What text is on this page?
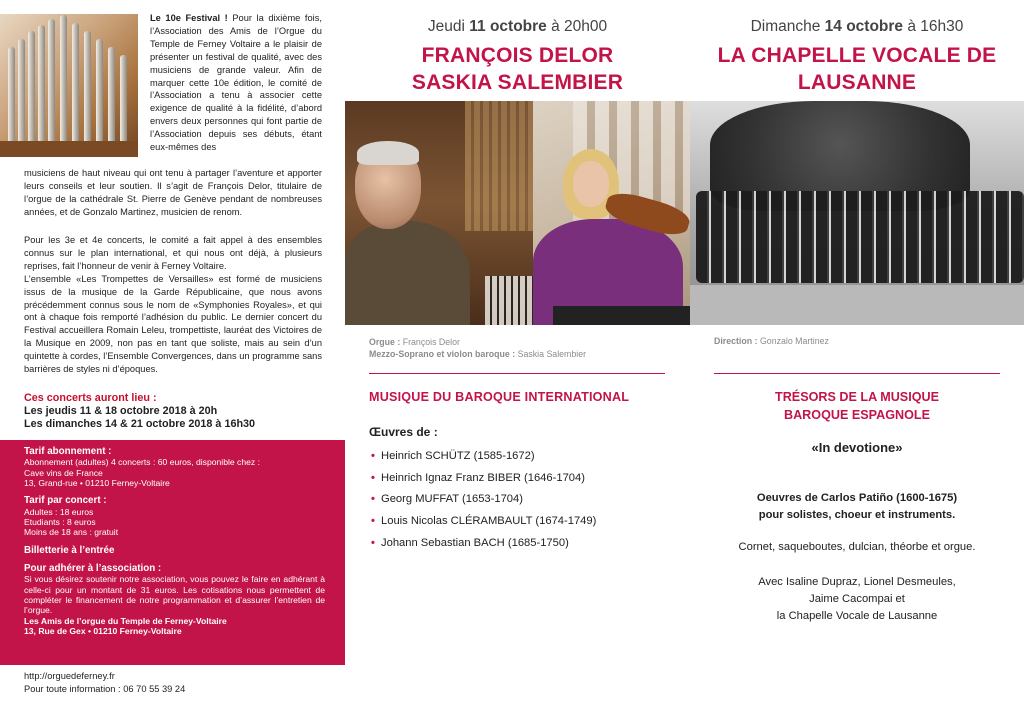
Le 10e Festival ! Pour la dixième fois, l’Association des Amis de l’Orgue du Temple de Ferney Voltaire a le plaisir de présenter un festival de qualité, avec des musiciens de grande valeur. Afin de marquer cette 10e édition, le comité de l’Association a tenu à associer cette exigence de qualité à la fidélité, d’abord envers deux personnes qui font partie de l’Association depuis ses débuts, étant eux-mêmes des

musiciens de haut niveau qui ont tenu à partager l’aventure et apporter leurs conseils et leur soutien. Il s’agit de François Delor, titulaire de l’orgue de la cathédrale St. Pierre de Genève pendant de nombreuses années, et de Gonzalo Martinez, musicien de renom.

Pour les 3e et 4e concerts, le comité a fait appel à des ensembles connus sur le plan international, et qui nous ont déjà, à plusieurs reprises, fait l’honneur de venir à Ferney Voltaire.

L’ensemble «Les Trompettes de Versailles» est formé de musiciens issus de la musique de la Garde Républicaine, que nous avons précédemment connus sous le nom de «Symphonies Royales», et qui ont à chaque fois remporté l’adhésion du public. Le dernier concert du Festival accueillera Romain Leleu, trompettiste, lauréat des Victoires de la Musique en 2009, non pas en tant que soliste, mais au sein d’un quintette à cordes, l’Ensemble Convergences, dans un programme sans barrières de styles ni d’époques.

Ces concerts auront lieu :
Les jeudis 11 & 18 octobre 2018 à 20h
Les dimanches 14 & 21 octobre 2018 à 16h30
Tarif abonnement :
Abonnement (adultes) 4 concerts : 60 euros, disponible chez :
Cave vins de France
13, Grand-rue • 01210 Ferney-Voltaire
Tarif par concert :
Adultes : 18 euros
Etudiants : 8 euros
Moins de 18 ans : gratuit
Billetterie à l’entrée
Pour adhérer à l’association :
Si vous désirez soutenir notre association, vous pouvez le faire en adhérant à celle-ci pour un montant de 31 euros. Les cotisations nous permettent de compléter le financement de notre programmation et d’assurer l’entretien de l’orgue.
Les Amis de l’orgue du Temple de Ferney-Voltaire
13, Rue de Gex • 01210 Ferney-Voltaire
http://orguedeferney.fr
Pour toute information : 06 70 55 39 24
Jeudi 11 octobre à 20h00
FRANÇOIS DELOR
SASKIA SALEMBIER
Orgue : François Delor
Mezzo-Soprano et violon baroque : Saskia Salembier
MUSIQUE DU BAROQUE INTERNATIONAL
Œuvres de :
• Heinrich SCHÜTZ (1585-1672)
• Heinrich Ignaz Franz BIBER (1646-1704)
• Georg MUFFAT (1653-1704)
• Louis Nicolas CLÉRAMBAULT (1674-1749)
• Johann Sebastian BACH (1685-1750)
Dimanche 14 octobre à 16h30
LA CHAPELLE VOCALE DE
LAUSANNE
Direction : Gonzalo Martinez
TRÉSORS DE LA MUSIQUE
BAROQUE ESPAGNOLE
«In devotione»
Oeuvres de Carlos Patiño (1600-1675)
pour solistes, choeur et instruments.
Cornet, saqueboutes, dulcian, théorbe et orgue.
Avec Isaline Dupraz, Lionel Desmeules,
Jaime Cacompai et
la Chapelle Vocale de Lausanne
